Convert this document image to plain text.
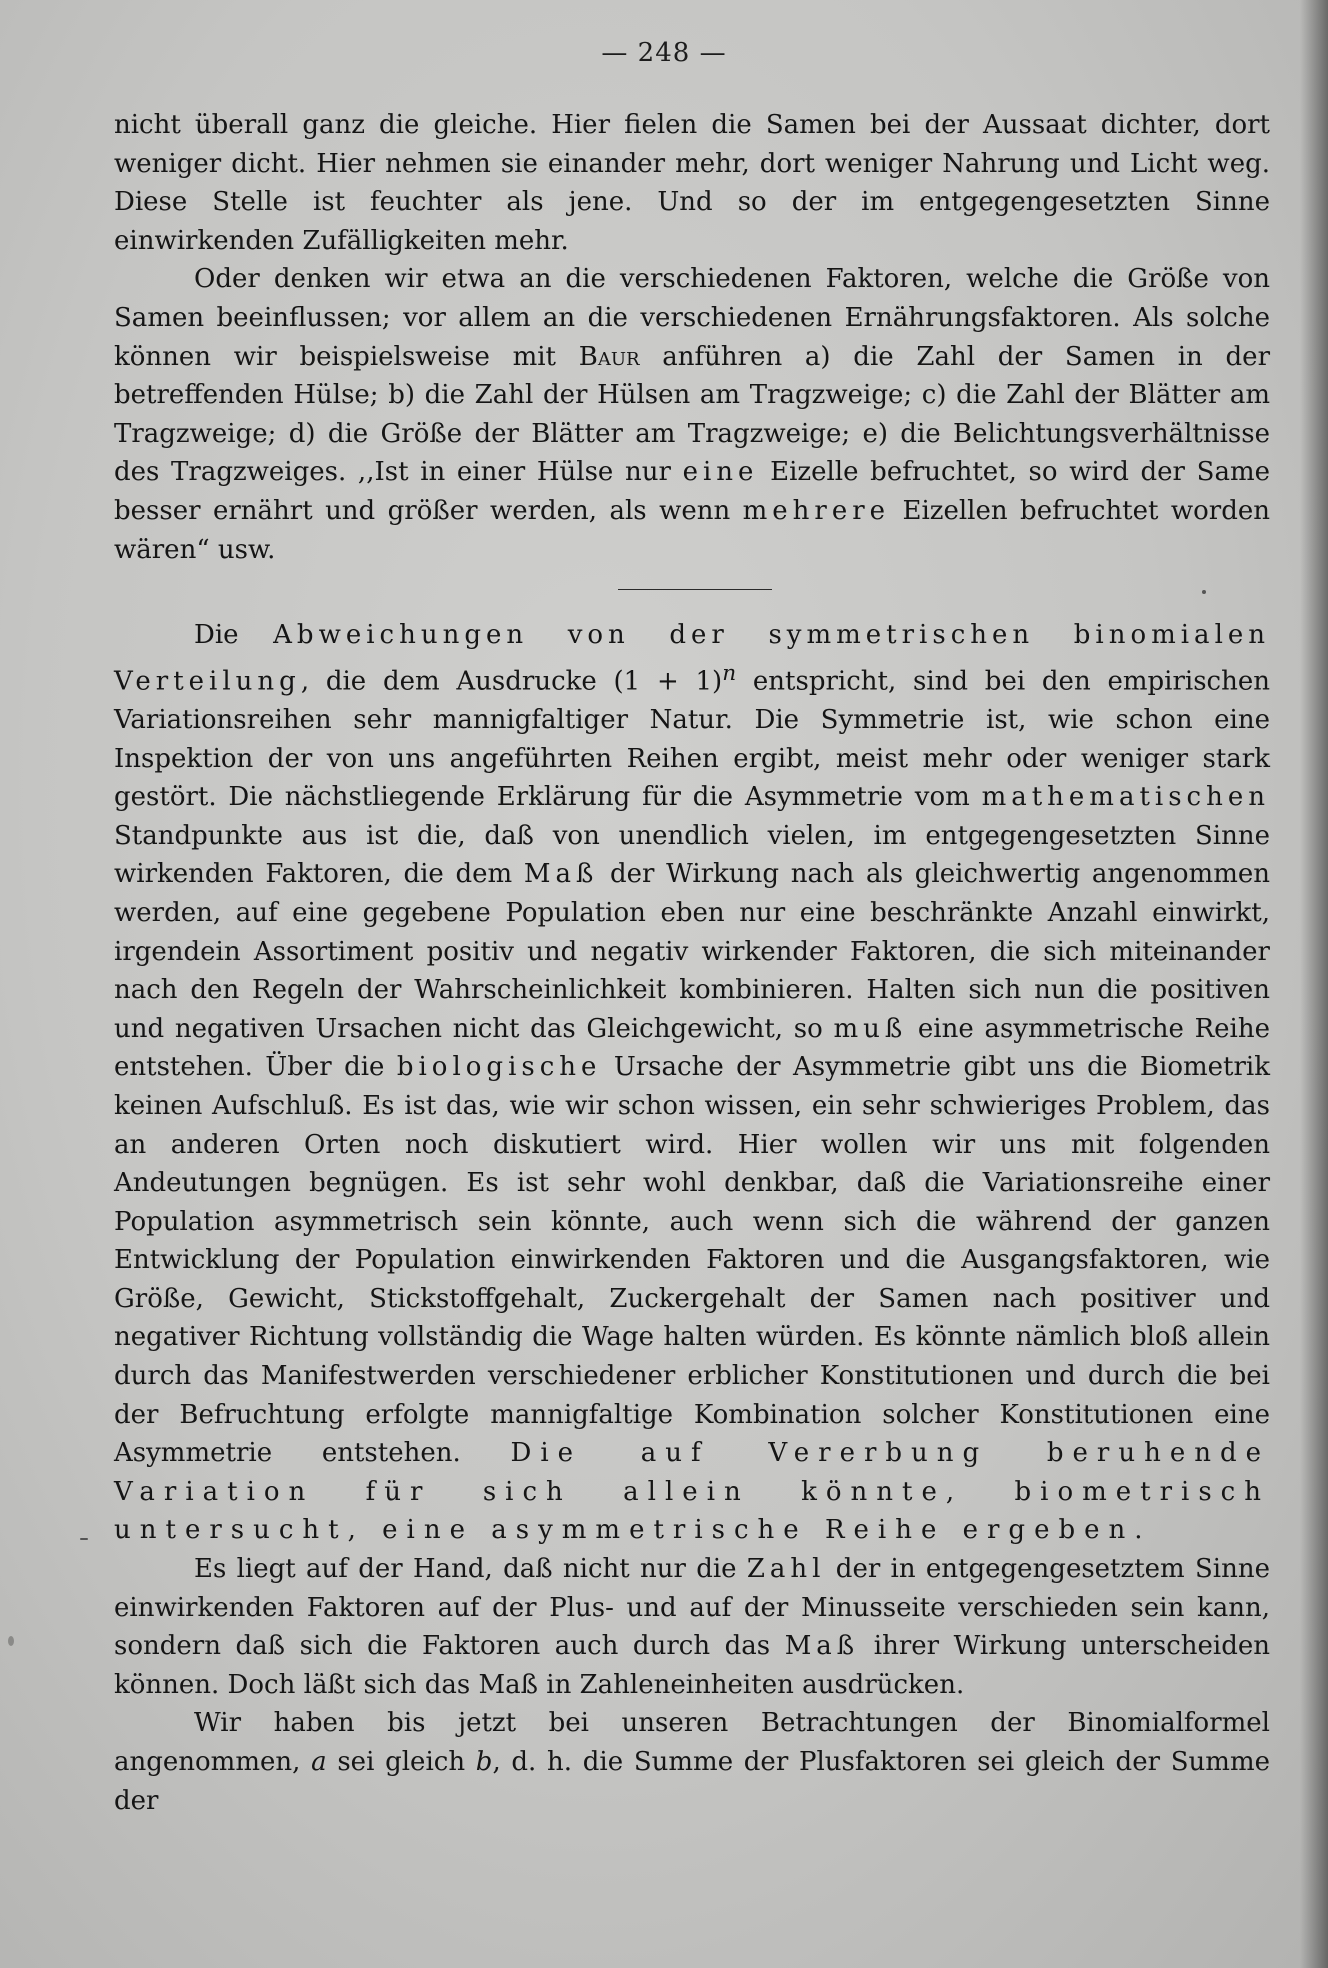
— 248 —

nicht überall ganz die gleiche. Hier fielen die Samen bei der Aussaat dichter, dort weniger dicht. Hier nehmen sie einander mehr, dort weniger Nahrung und Licht weg. Diese Stelle ist feuchter als jene. Und so der im entgegengesetzten Sinne einwirkenden Zufälligkeiten mehr.

Oder denken wir etwa an die verschiedenen Faktoren, welche die Größe von Samen beeinflussen; vor allem an die verschiedenen Ernährungsfaktoren. Als solche können wir beispielsweise mit Baur anführen a) die Zahl der Samen in der betreffenden Hülse; b) die Zahl der Hülsen am Tragzweige; c) die Zahl der Blätter am Tragzweige; d) die Größe der Blätter am Tragzweige; e) die Belichtungsverhältnisse des Tragzweiges. ,,Ist in einer Hülse nur eine Eizelle befruchtet, so wird der Same besser ernährt und größer werden, als wenn mehrere Eizellen befruchtet worden wären“ usw.

Die Abweichungen von der symmetrischen binomialen Verteilung, die dem Ausdrucke $(1 + 1)^n$ entspricht, sind bei den empirischen Variationsreihen sehr mannigfaltiger Natur. Die Symmetrie ist, wie schon eine Inspektion der von uns angeführten Reihen ergibt, meist mehr oder weniger stark gestört. Die nächstliegende Erklärung für die Asymmetrie vom mathematischen Standpunkte aus ist die, daß von unendlich vielen, im entgegengesetzten Sinne wirkenden Faktoren, die dem Maß der Wirkung nach als gleichwertig angenommen werden, auf eine gegebene Population eben nur eine beschränkte Anzahl einwirkt, irgendein Assortiment positiv und negativ wirkender Faktoren, die sich miteinander nach den Regeln der Wahrscheinlichkeit kombinieren. Halten sich nun die positiven und negativen Ursachen nicht das Gleichgewicht, so muß eine asymmetrische Reihe entstehen. Über die biologische Ursache der Asymmetrie gibt uns die Biometrik keinen Aufschluß. Es ist das, wie wir schon wissen, ein sehr schwieriges Problem, das an anderen Orten noch diskutiert wird. Hier wollen wir uns mit folgenden Andeutungen begnügen. Es ist sehr wohl denkbar, daß die Variationsreihe einer Population asymmetrisch sein könnte, auch wenn sich die während der ganzen Entwicklung der Population einwirkenden Faktoren und die Ausgangsfaktoren, wie Größe, Gewicht, Stickstoffgehalt, Zuckergehalt der Samen nach positiver und negativer Richtung vollständig die Wage halten würden. Es könnte nämlich bloß allein durch das Manifestwerden verschiedener erblicher Konstitutionen und durch die bei der Befruchtung erfolgte mannigfaltige Kombination solcher Konstitutionen eine Asymmetrie entstehen. Die auf Vererbung beruhende Variation für sich allein könnte, biometrisch untersucht, eine asymmetrische Reihe ergeben.

Es liegt auf der Hand, daß nicht nur die Zahl der in entgegengesetztem Sinne einwirkenden Faktoren auf der Plus- und auf der Minusseite verschieden sein kann, sondern daß sich die Faktoren auch durch das Maß ihrer Wirkung unterscheiden können. Doch läßt sich das Maß in Zahleneinheiten ausdrücken.

Wir haben bis jetzt bei unseren Betrachtungen der Binomialformel angenommen, a sei gleich b, d. h. die Summe der Plusfaktoren sei gleich der Summe der
